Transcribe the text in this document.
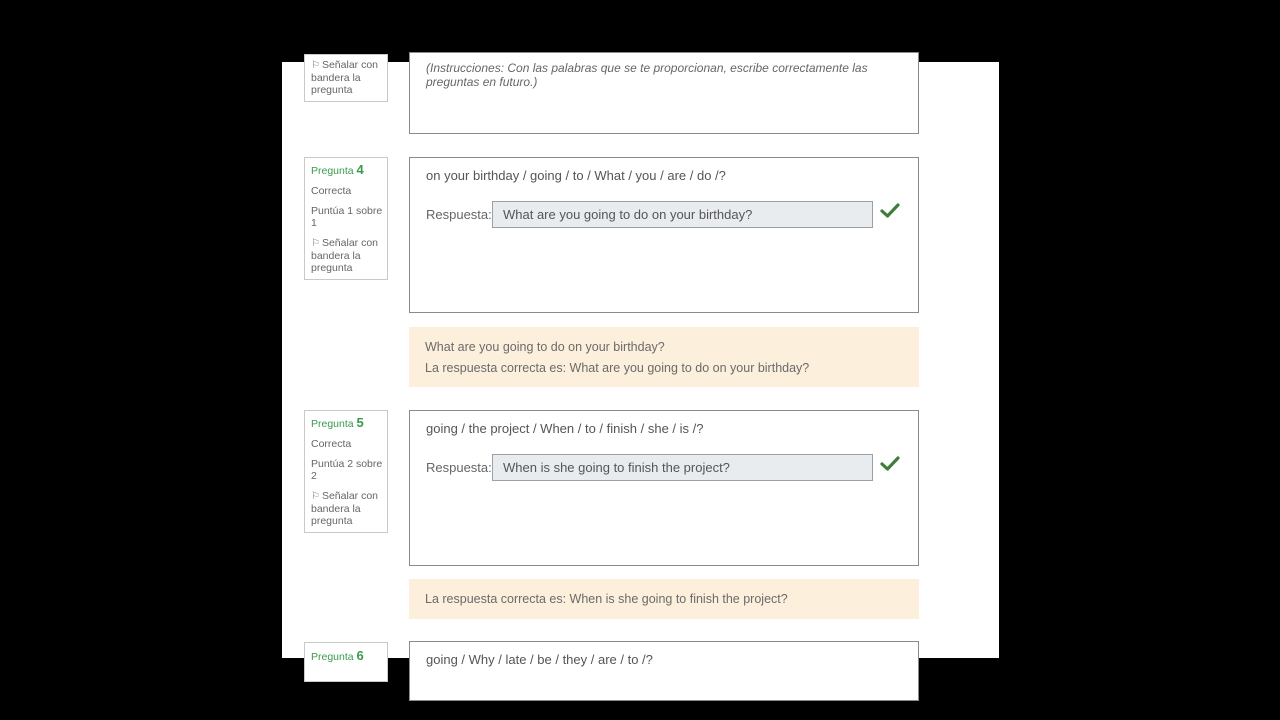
⚐ Señalar con bandera la pregunta
(Instrucciones: Con las palabras que se te proporcionan, escribe correctamente las preguntas en futuro.)
Pregunta 4
Correcta
Puntúa 1 sobre 1
⚐ Señalar con bandera la pregunta
on your birthday / going / to / What / you / are / do /?
Respuesta: What are you going to do on your birthday?
What are you going to do on your birthday?
La respuesta correcta es: What are you going to do on your birthday?
Pregunta 5
Correcta
Puntúa 2 sobre 2
⚐ Señalar con bandera la pregunta
going / the project / When / to / finish / she / is /?
Respuesta: When is she going to finish the project?
La respuesta correcta es: When is she going to finish the project?
Pregunta 6	going / Why / late / be / they / are / to /?
